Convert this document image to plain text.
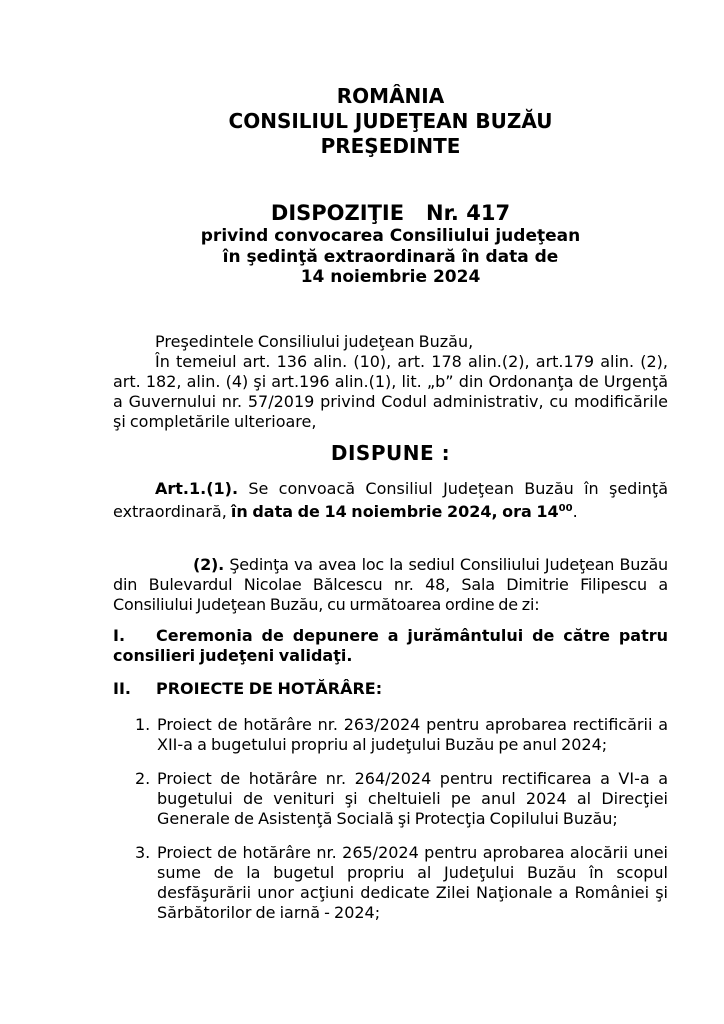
ROMÂNIA
CONSILIUL JUDEŢEAN BUZĂU
PREŞEDINTE
DISPOZIŢIE   Nr. 417
privind convocarea Consiliului judeţean
în şedinţă extraordinară în data de
14 noiembrie 2024
Preşedintele Consiliului judeţean Buzău,
În temeiul art. 136 alin. (10), art. 178 alin.(2), art.179 alin. (2), art. 182, alin. (4) şi art.196 alin.(1), lit. „b” din Ordonanţa de Urgenţă a Guvernului nr. 57/2019 privind Codul administrativ, cu modificările şi completările ulterioare,
DISPUNE :
Art.1.(1). Se convoacă Consiliul Judeţean Buzău în şedinţă extraordinară, în data de 14 noiembrie 2024, ora $14^{00}$.
(2). Şedinţa va avea loc la sediul Consiliului Judeţean Buzău din Bulevardul Nicolae Bălcescu nr. 48, Sala Dimitrie Filipescu a Consiliului Judeţean Buzău, cu următoarea ordine de zi:
I. Ceremonia de depunere a jurământului de către patru consilieri judeţeni validaţi.
II. PROIECTE DE HOTĂRÂRE:
1. Proiect de hotărâre nr. 263/2024 pentru aprobarea rectificării a XII-a a bugetului propriu al judeţului Buzău pe anul 2024;
2. Proiect de hotărâre nr. 264/2024 pentru rectificarea a VI-a a bugetului de venituri şi cheltuieli pe anul 2024 al Direcţiei Generale de Asistenţă Socială şi Protecţia Copilului Buzău;
3. Proiect de hotărâre nr. 265/2024 pentru aprobarea alocării unei sume de la bugetul propriu al Judeţului Buzău în scopul desfăşurării unor acţiuni dedicate Zilei Naţionale a României şi Sărbătorilor de iarnă - 2024;
